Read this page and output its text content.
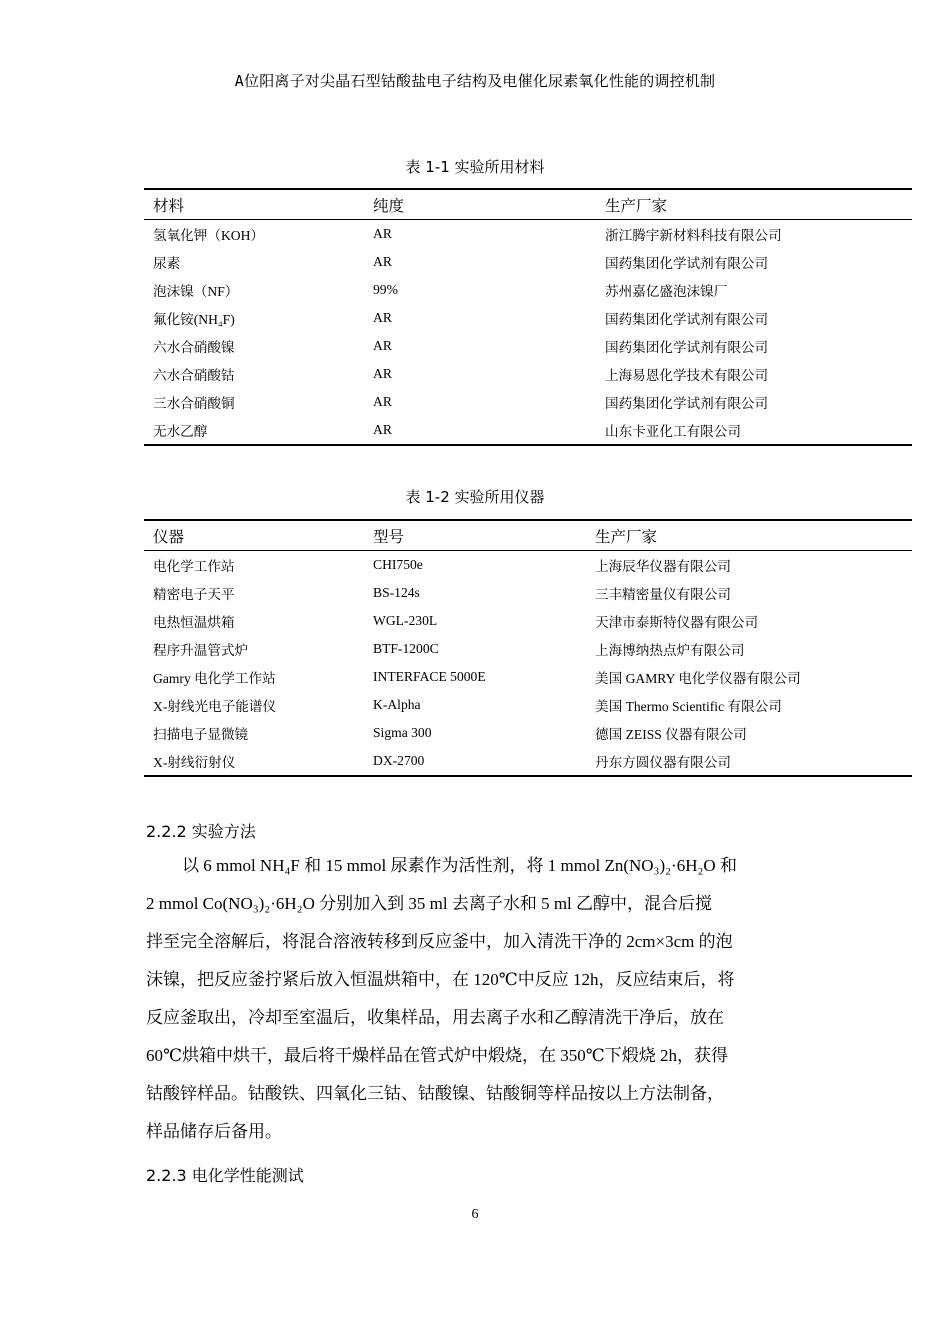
A位阳离子对尖晶石型钴酸盐电子结构及电催化尿素氧化性能的调控机制
表 1-1 实验所用材料
材料	纯度	生产厂家
氢氧化钾（KOH）	AR	浙江腾宇新材料科技有限公司
尿素	AR	国药集团化学试剂有限公司
泡沫镍（NF）	99%	苏州嘉亿盛泡沫镍厂
氟化铵(NH₄F)	AR	国药集团化学试剂有限公司
六水合硝酸镍	AR	国药集团化学试剂有限公司
六水合硝酸钴	AR	上海易恩化学技术有限公司
三水合硝酸铜	AR	国药集团化学试剂有限公司
无水乙醇	AR	山东卡亚化工有限公司
表 1-2 实验所用仪器
仪器	型号	生产厂家
电化学工作站	CHI750e	上海辰华仪器有限公司
精密电子天平	BS-124s	三丰精密量仪有限公司
电热恒温烘箱	WGL-230L	天津市泰斯特仪器有限公司
程序升温管式炉	BTF-1200C	上海博纳热点炉有限公司
Gamry 电化学工作站	INTERFACE 5000E	美国 GAMRY 电化学仪器有限公司
X-射线光电子能谱仪	K-Alpha	美国 Thermo Scientific 有限公司
扫描电子显微镜	Sigma 300	德国 ZEISS 仪器有限公司
X-射线衍射仪	DX-2700	丹东方圆仪器有限公司
2.2.2 实验方法
以 6 mmol NH₄F 和 15 mmol 尿素作为活性剂，将 1 mmol Zn(NO₃)₂·6H₂O 和
2 mmol Co(NO₃)₂·6H₂O 分别加入到 35 ml 去离子水和 5 ml 乙醇中，混合后搅
拌至完全溶解后，将混合溶液转移到反应釜中，加入清洗干净的 2cm×3cm 的泡
沫镍，把反应釜拧紧后放入恒温烘箱中，在 120℃中反应 12h，反应结束后，将
反应釜取出，冷却至室温后，收集样品，用去离子水和乙醇清洗干净后，放在
60℃烘箱中烘干，最后将干燥样品在管式炉中煅烧，在 350℃下煅烧 2h，获得
钴酸锌样品。钴酸铁、四氧化三钴、钴酸镍、钴酸铜等样品按以上方法制备，
样品储存后备用。
2.2.3 电化学性能测试
6
